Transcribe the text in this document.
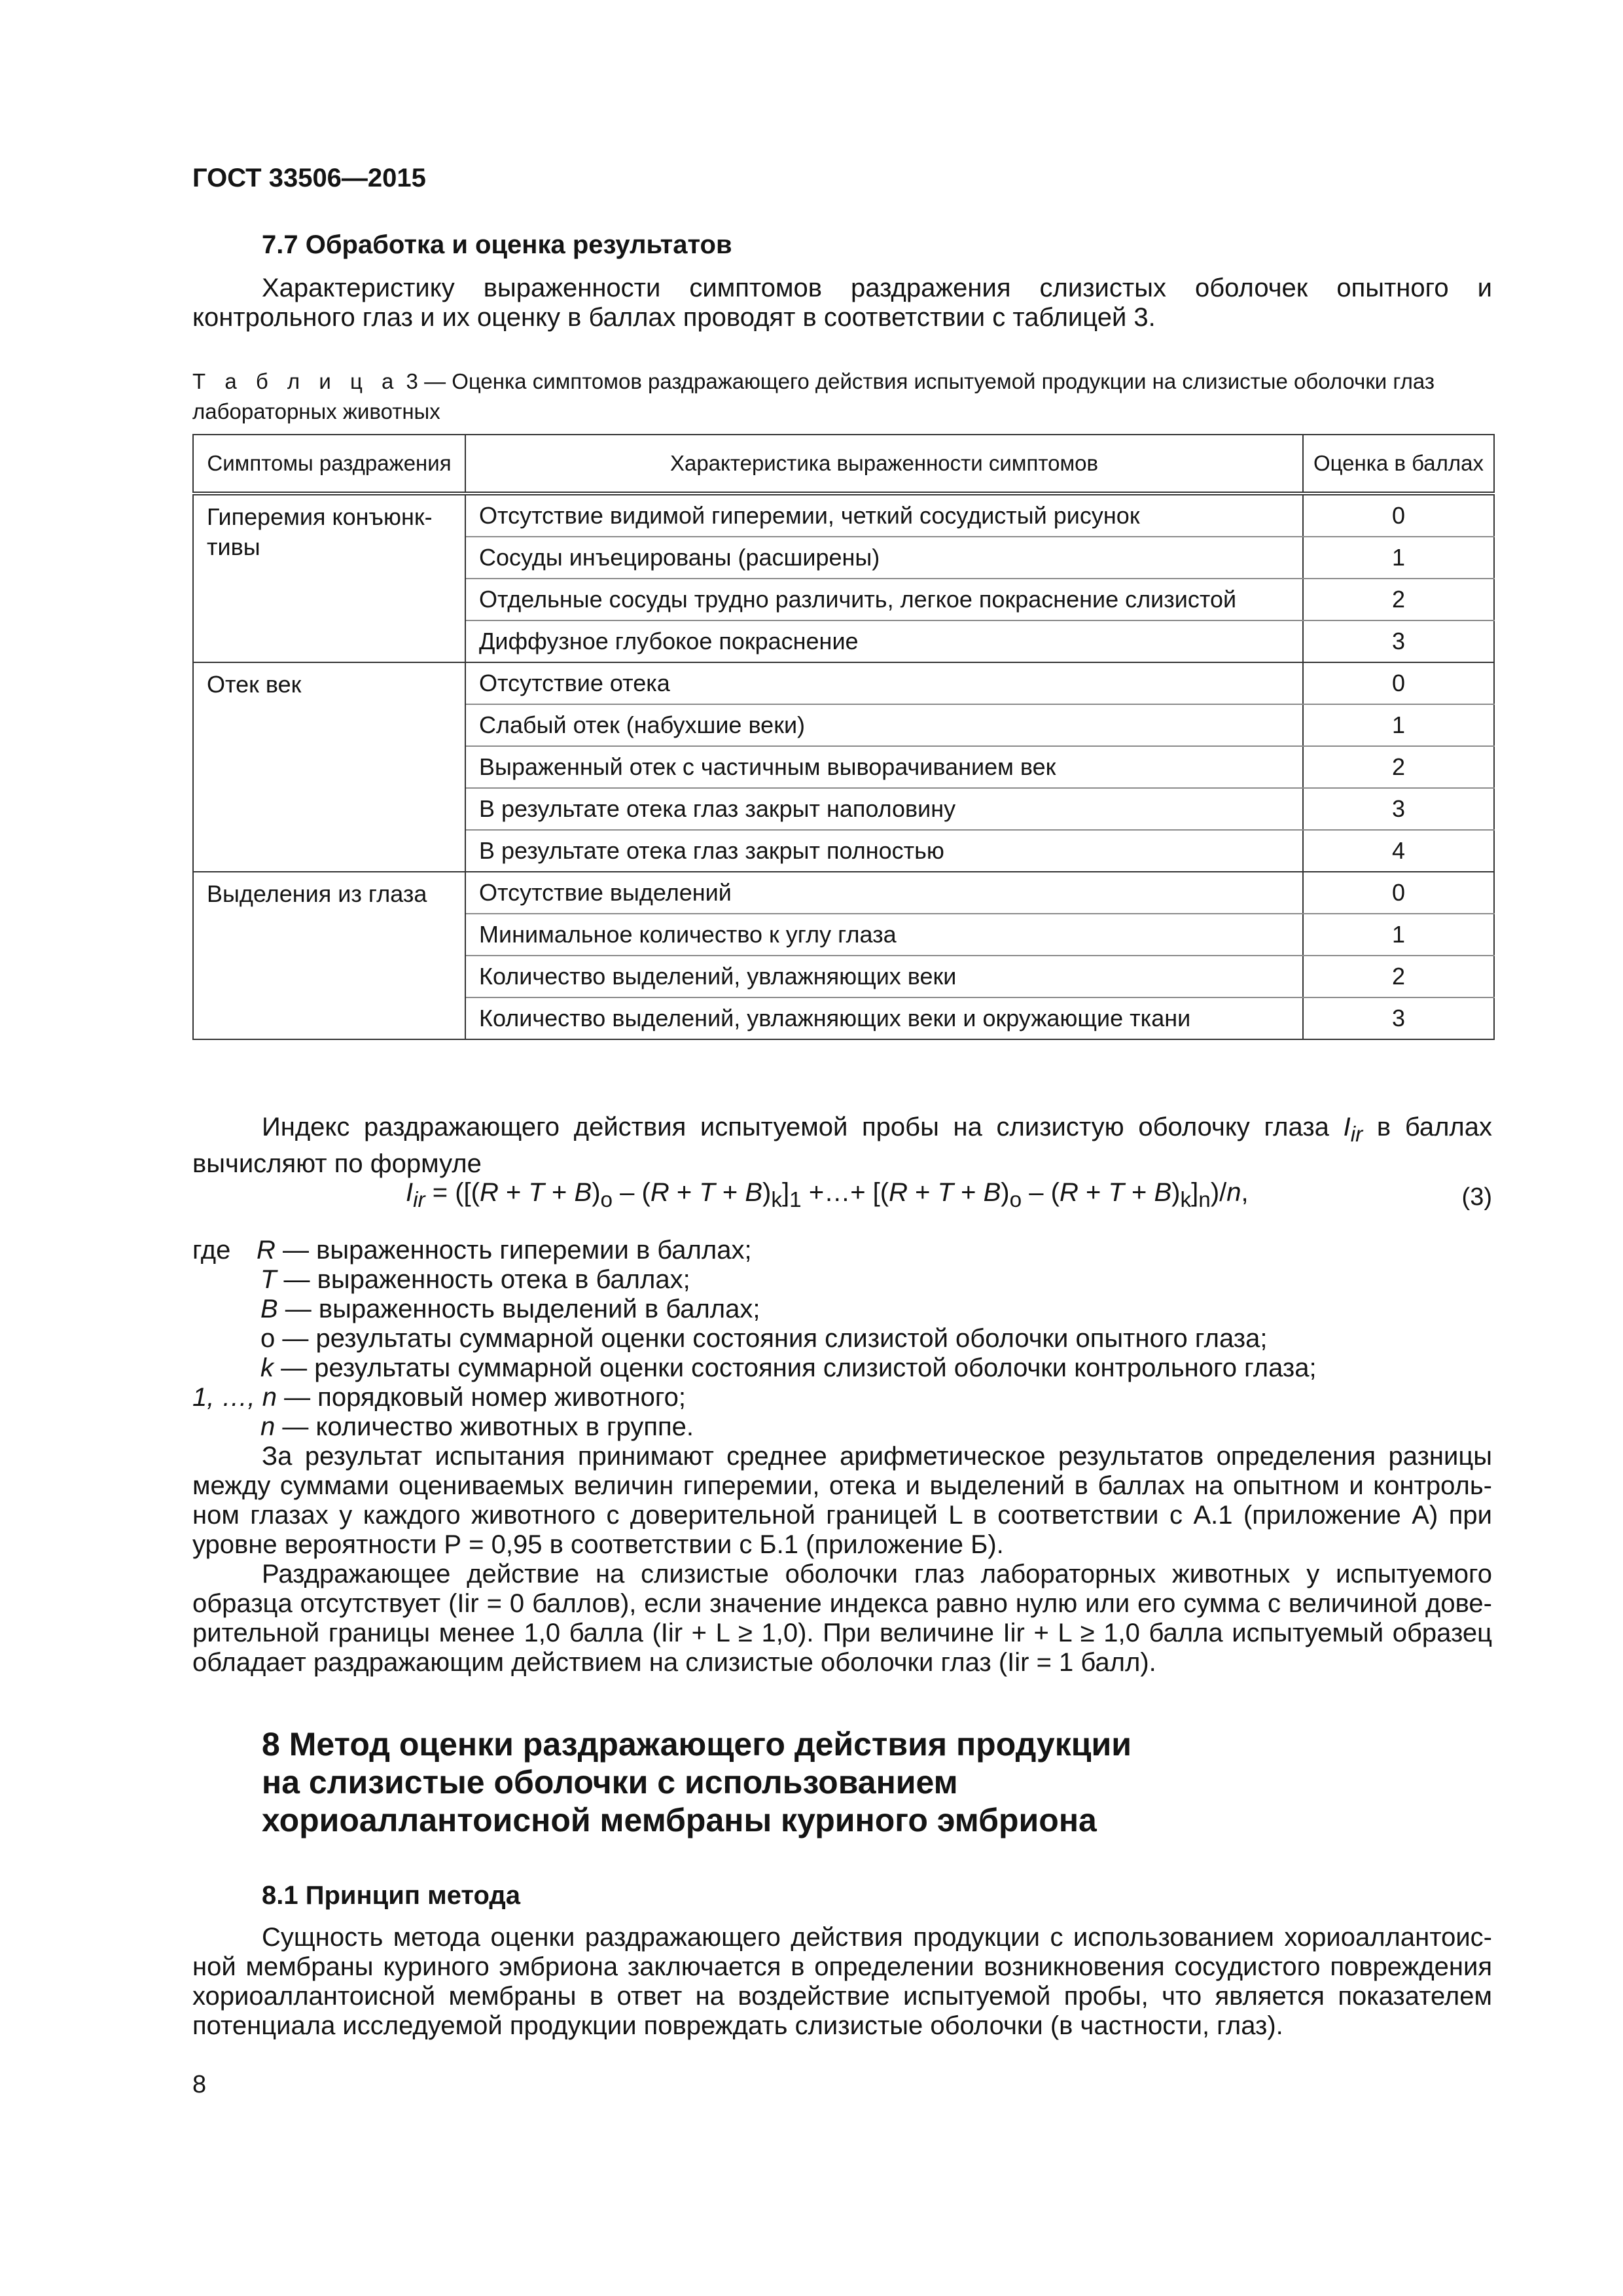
ГОСТ 33506—2015
7.7 Обработка и оценка результатов

Характеристику выраженности симптомов раздражения слизистых оболочек опытного и контрольного глаз и их оценку в баллах проводят в соответствии с таблицей 3.

Т а б л и ц а 3 — Оценка симптомов раздражающего действия испытуемой продукции на слизистые оболочки глаз лабораторных животных

Симптомы раздражения	Характеристика выраженности симптомов	Оценка в баллах
Гиперемия конъюнк-тивы	Отсутствие видимой гиперемии, четкий сосудистый рисунок	0
	Сосуды инъецированы (расширены)	1
	Отдельные сосуды трудно различить, легкое покраснение слизистой	2
	Диффузное глубокое покраснение	3
Отек век	Отсутствие отека	0
	Слабый отек (набухшие веки)	1
	Выраженный отек с частичным выворачиванием век	2
	В результате отека глаз закрыт наполовину	3
	В результате отека глаз закрыт полностью	4
Выделения из глаза	Отсутствие выделений	0
	Минимальное количество к углу глаза	1
	Количество выделений, увлажняющих веки	2
	Количество выделений, увлажняющих веки и окружающие ткани	3

Индекс раздражающего действия испытуемой пробы на слизистую оболочку глаза $I_{ir}$ в баллах вычисляют по формуле

$I_{ir} = ([(R + T + B)_о - (R + T + B)_k]_1$ +…+ $[(R + T + B)_о - (R + T + B)_k]_n)/n$,	(3)
где R — выраженность гиперемии в баллах;
T — выраженность отека в баллах;
B — выраженность выделений в баллах;
о — результаты суммарной оценки состояния слизистой оболочки опытного глаза;
k — результаты суммарной оценки состояния слизистой оболочки контрольного глаза;
1, …, n — порядковый номер животного;
n — количество животных в группе.

За результат испытания принимают среднее арифметическое результатов определения разницы между суммами оцениваемых величин гиперемии, отека и выделений в баллах на опытном и контроль-ном глазах у каждого животного с доверительной границей L в соответствии с А.1 (приложение А) при уровне вероятности Р = 0,95 в соответствии с Б.1 (приложение Б).

Раздражающее действие на слизистые оболочки глаз лабораторных животных у испытуемого образца отсутствует (Iir = 0 баллов), если значение индекса равно нулю или его сумма с величиной дове-рительной границы менее 1,0 балла (Iir + L ≥ 1,0). При величине Iir + L ≥ 1,0 балла испытуемый образец обладает раздражающим действием на слизистые оболочки глаз (Iir = 1 балл).

8 Метод оценки раздражающего действия продукции
на слизистые оболочки с использованием
хориоаллантоисной мембраны куриного эмбриона
8.1 Принцип метода

Сущность метода оценки раздражающего действия продукции с использованием хориоаллантоис-ной мембраны куриного эмбриона заключается в определении возникновения сосудистого повреждения хориоаллантоисной мембраны в ответ на воздействие испытуемой пробы, что является показателем потенциала исследуемой продукции повреждать слизистые оболочки (в частности, глаз).

8
